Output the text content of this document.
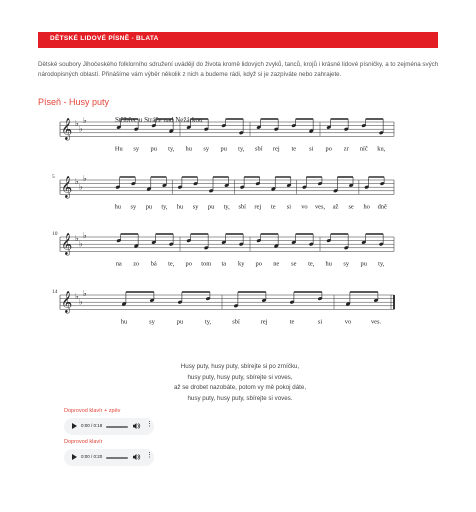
DĚTSKÉ LIDOVÉ PÍSNĚ - BLATA
Dětské soubory Jihočeského folklorního sdružení uvádějí do života kromě lidových zvyků, tanců, krojů i krásné lidové písničky, a to zejména svých národopisných oblastí. Přinášíme vám výběr několik z nich a budeme rádi, když si je zazpíváte nebo zahrajete.
Píseň - Husy puty
Stříbřec u Stráže nad Nežárkou
𝄞 ♭
♭
♭
Hu sy pu ty, hu sy pu ty, sbí rej te si po zr níč ku,
𝄞 ♭
♭
♭
5
hu sy pu ty, hu sy pu ty, sbí rej te si vo ves, až se ho dně
𝄞 ♭
♭
♭
10
na zo bá te, po tom ta ky po ne se te, hu sy pu ty,
𝄞 ♭
♭
♭
14
hu	sy	pu	ty,	sbí	rej	te	si	vo	ves.
Husy puty, husy puty, sbírejte si po zrníčku,
husy puty, husy puty, sbírejte si voves,
až se drobet nazobáte, potom vy mě pokoj dáte,
husy puty, husy puty, sbírejte si voves.
Doprovod klavír + zpěv
0:00 / 0:18	⋮
Doprovod klavír
0:00 / 0:20	⋮
